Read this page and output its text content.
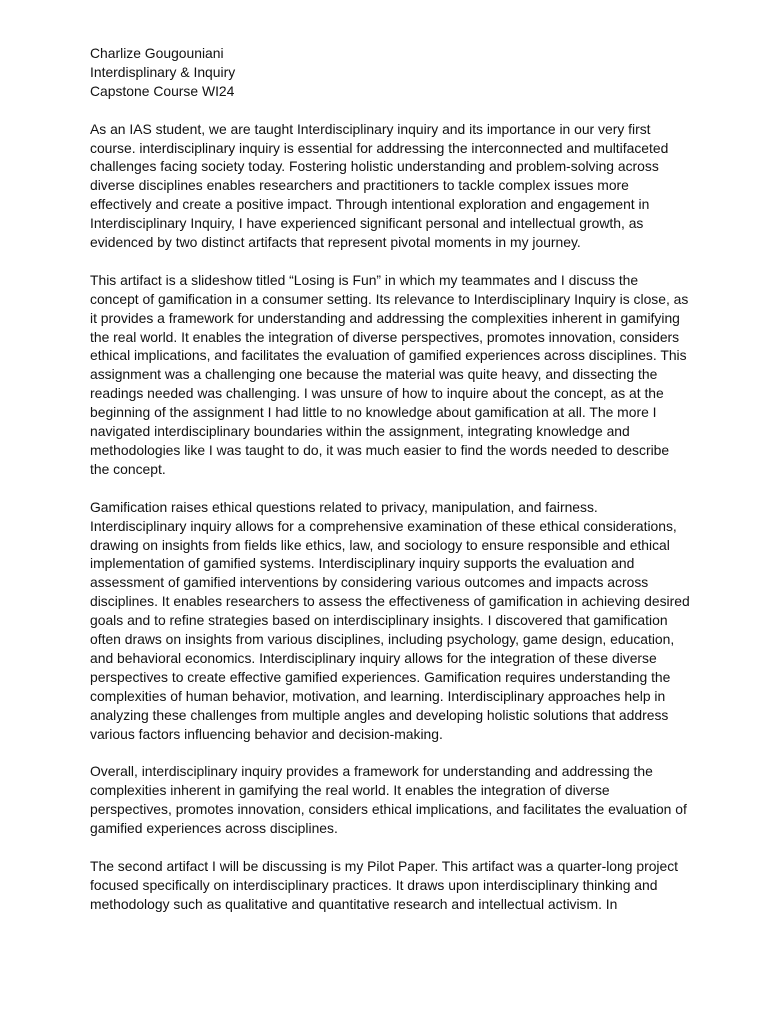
Charlize Gougouniani

Interdisplinary & Inquiry

Capstone Course WI24

As an IAS student, we are taught Interdisciplinary inquiry and its importance in our very first course. interdisciplinary inquiry is essential for addressing the interconnected and multifaceted challenges facing society today. Fostering holistic understanding and problem-solving across diverse disciplines enables researchers and practitioners to tackle complex issues more effectively and create a positive impact. Through intentional exploration and engagement in Interdisciplinary Inquiry, I have experienced significant personal and intellectual growth, as evidenced by two distinct artifacts that represent pivotal moments in my journey.

This artifact is a slideshow titled “Losing is Fun” in which my teammates and I discuss the concept of gamification in a consumer setting. Its relevance to Interdisciplinary Inquiry is close, as it provides a framework for understanding and addressing the complexities inherent in gamifying the real world. It enables the integration of diverse perspectives, promotes innovation, considers ethical implications, and facilitates the evaluation of gamified experiences across disciplines. This assignment was a challenging one because the material was quite heavy, and dissecting the readings needed was challenging. I was unsure of how to inquire about the concept, as at the beginning of the assignment I had little to no knowledge about gamification at all. The more I navigated interdisciplinary boundaries within the assignment, integrating knowledge and methodologies like I was taught to do, it was much easier to find the words needed to describe the concept.

Gamification raises ethical questions related to privacy, manipulation, and fairness. Interdisciplinary inquiry allows for a comprehensive examination of these ethical considerations, drawing on insights from fields like ethics, law, and sociology to ensure responsible and ethical implementation of gamified systems. Interdisciplinary inquiry supports the evaluation and assessment of gamified interventions by considering various outcomes and impacts across disciplines. It enables researchers to assess the effectiveness of gamification in achieving desired goals and to refine strategies based on interdisciplinary insights. I discovered that gamification often draws on insights from various disciplines, including psychology, game design, education, and behavioral economics. Interdisciplinary inquiry allows for the integration of these diverse perspectives to create effective gamified experiences. Gamification requires understanding the complexities of human behavior, motivation, and learning. Interdisciplinary approaches help in analyzing these challenges from multiple angles and developing holistic solutions that address various factors influencing behavior and decision-making.

Overall, interdisciplinary inquiry provides a framework for understanding and addressing the complexities inherent in gamifying the real world. It enables the integration of diverse perspectives, promotes innovation, considers ethical implications, and facilitates the evaluation of gamified experiences across disciplines.

The second artifact I will be discussing is my Pilot Paper. This artifact was a quarter-long project focused specifically on interdisciplinary practices. It draws upon interdisciplinary thinking and methodology such as qualitative and quantitative research and intellectual activism. In
